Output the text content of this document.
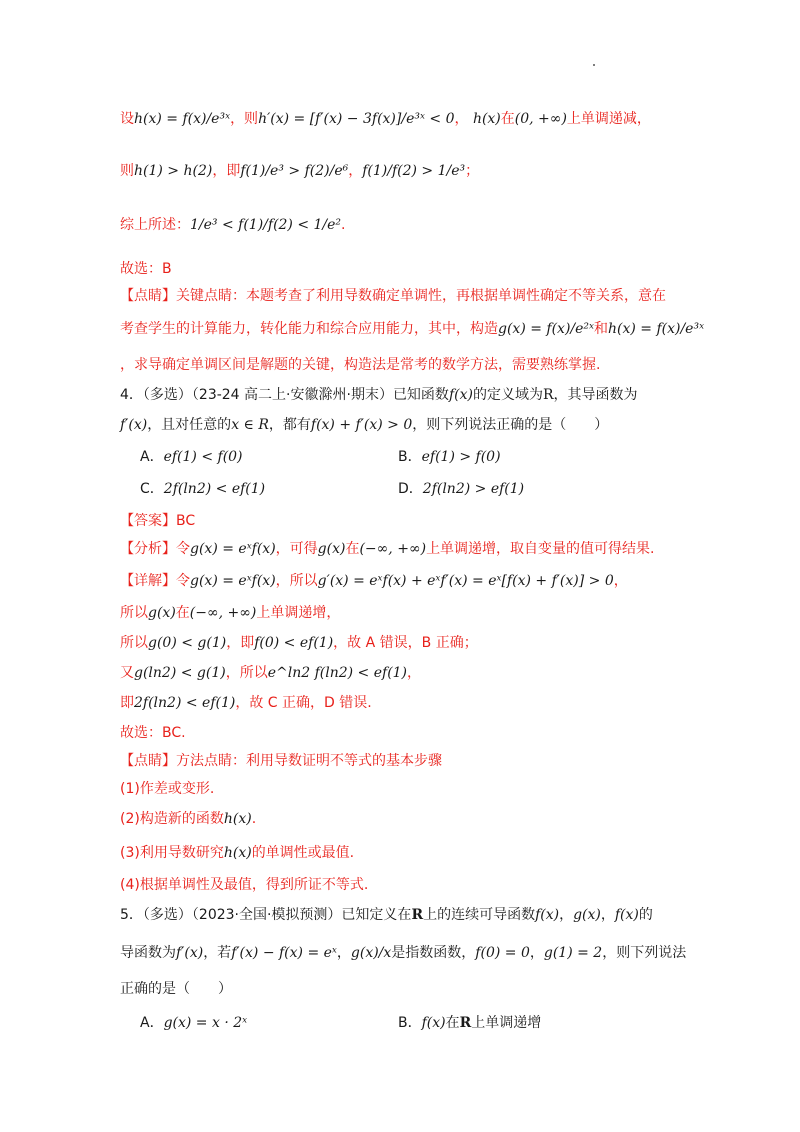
设h(x) = f(x)/e³ˣ，则h′(x) = [f′(x) − 3f(x)]/e³ˣ < 0， h(x)在(0, +∞)上单调递减，
则h(1) > h(2)，即f(1)/e³ > f(2)/e⁶，f(1)/f(2) > 1/e³；
综上所述：1/e³ < f(1)/f(2) < 1/e².
故选：B
【点睛】关键点睛：本题考查了利用导数确定单调性，再根据单调性确定不等关系，意在
考查学生的计算能力，转化能力和综合应用能力，其中，构造g(x) = f(x)/e²ˣ和h(x) = f(x)/e³ˣ
，求导确定单调区间是解题的关键，构造法是常考的数学方法，需要熟练掌握.
4．（多选）（23-24 高二上·安徽滁州·期末）已知函数f(x)的定义域为R，其导函数为
f′(x)，且对任意的x ∈ R，都有f(x) + f′(x) > 0，则下列说法正确的是（　　）
A．ef(1) < f(0)	B．ef(1) > f(0)
C．2f(ln2) < ef(1)	D．2f(ln2) > ef(1)
【答案】BC
【分析】令g(x) = eˣf(x)，可得g(x)在(−∞, +∞)上单调递增，取自变量的值可得结果.
【详解】令g(x) = eˣf(x)，所以g′(x) = eˣf(x) + eˣf′(x) = eˣ[f(x) + f′(x)] > 0，
所以g(x)在(−∞, +∞)上单调递增，
所以g(0) < g(1)，即f(0) < ef(1)，故 A 错误，B 正确；
又g(ln2) < g(1)，所以e^ln2 f(ln2) < ef(1)，
即2f(ln2) < ef(1)，故 C 正确，D 错误.
故选：BC.
【点睛】方法点睛：利用导数证明不等式的基本步骤
(1)作差或变形.
(2)构造新的函数h(x).
(3)利用导数研究h(x)的单调性或最值.
(4)根据单调性及最值，得到所证不等式.
5．（多选）（2023·全国·模拟预测）已知定义在R上的连续可导函数f(x)，g(x)，f(x)的
导函数为f′(x)，若f′(x) − f(x) = eˣ，g(x)/x是指数函数，f(0) = 0，g(1) = 2，则下列说法
正确的是（　　）
A．g(x) = x · 2ˣ	B．f(x)在R上单调递增
